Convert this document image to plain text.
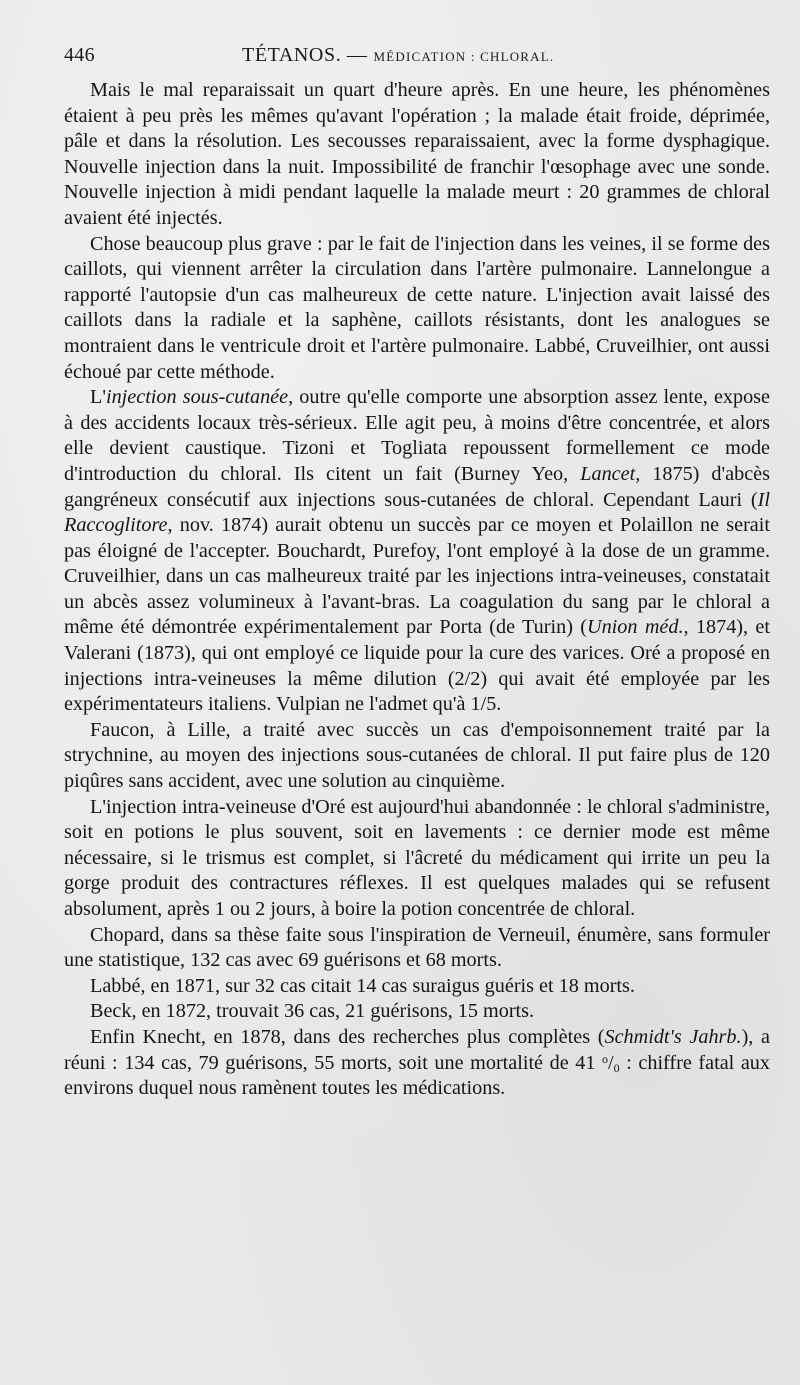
446	TÉTANOS. — MÉDICATION : CHLORAL.

Mais le mal reparaissait un quart d'heure après. En une heure, les phénomènes étaient à peu près les mêmes qu'avant l'opération ; la malade était froide, déprimée, pâle et dans la résolution. Les secousses reparaissaient, avec la forme dysphagique. Nouvelle injection dans la nuit. Impossibilité de franchir l'œsophage avec une sonde. Nouvelle injection à midi pendant laquelle la malade meurt : 20 grammes de chloral avaient été injectés.

Chose beaucoup plus grave : par le fait de l'injection dans les veines, il se forme des caillots, qui viennent arrêter la circulation dans l'artère pulmonaire. Lannelongue a rapporté l'autopsie d'un cas malheureux de cette nature. L'injection avait laissé des caillots dans la radiale et la saphène, caillots résistants, dont les analogues se montraient dans le ventricule droit et l'artère pulmonaire. Labbé, Cruveilhier, ont aussi échoué par cette méthode.

L'injection sous-cutanée, outre qu'elle comporte une absorption assez lente, expose à des accidents locaux très-sérieux. Elle agit peu, à moins d'être concentrée, et alors elle devient caustique. Tizoni et Togliata repoussent formellement ce mode d'introduction du chloral. Ils citent un fait (Burney Yeo, Lancet, 1875) d'abcès gangréneux consécutif aux injections sous-cutanées de chloral. Cependant Lauri (Il Raccoglitore, nov. 1874) aurait obtenu un succès par ce moyen et Polaillon ne serait pas éloigné de l'accepter. Bouchardt, Purefoy, l'ont employé à la dose de un gramme. Cruveilhier, dans un cas malheureux traité par les injections intra-veineuses, constatait un abcès assez volumineux à l'avant-bras. La coagulation du sang par le chloral a même été démontrée expérimentalement par Porta (de Turin) (Union méd., 1874), et Valerani (1873), qui ont employé ce liquide pour la cure des varices. Oré a proposé en injections intra-veineuses la même dilution (2/2) qui avait été employée par les expérimentateurs italiens. Vulpian ne l'admet qu'à 1/5.

Faucon, à Lille, a traité avec succès un cas d'empoisonnement traité par la strychnine, au moyen des injections sous-cutanées de chloral. Il put faire plus de 120 piqûres sans accident, avec une solution au cinquième.

L'injection intra-veineuse d'Oré est aujourd'hui abandonnée : le chloral s'administre, soit en potions le plus souvent, soit en lavements : ce dernier mode est même nécessaire, si le trismus est complet, si l'âcreté du médicament qui irrite un peu la gorge produit des contractures réflexes. Il est quelques malades qui se refusent absolument, après 1 ou 2 jours, à boire la potion concentrée de chloral.

Chopard, dans sa thèse faite sous l'inspiration de Verneuil, énumère, sans formuler une statistique, 132 cas avec 69 guérisons et 68 morts.

Labbé, en 1871, sur 32 cas citait 14 cas suraigus guéris et 18 morts.

Beck, en 1872, trouvait 36 cas, 21 guérisons, 15 morts.

Enfin Knecht, en 1878, dans des recherches plus complètes (Schmidt's Jahrb.), a réuni : 134 cas, 79 guérisons, 55 morts, soit une mortalité de 41 $^o/_0$ : chiffre fatal aux environs duquel nous ramènent toutes les médications.
